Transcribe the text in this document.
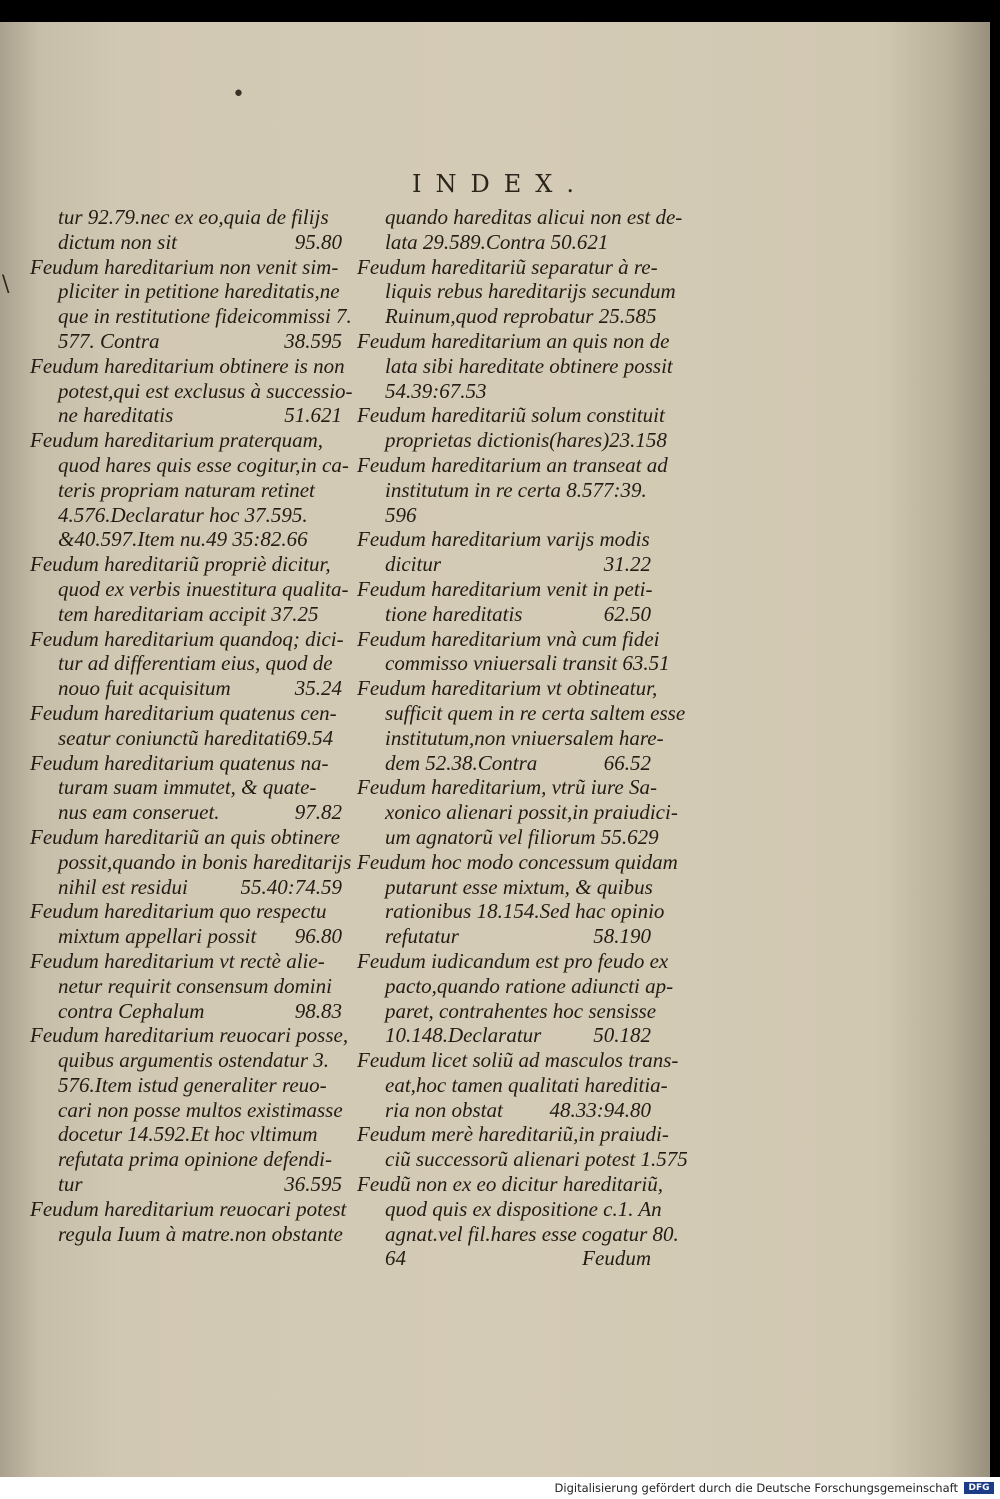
•
\
INDEX.
tur 92.79.nec ex eo,quia de filijs
dictum non sit	95.80
Feudum hareditarium non venit sim-
pliciter in petitione hareditatis,ne
que in restitutione fideicommissi 7.
577. Contra	38.595
Feudum hareditarium obtinere is non
potest,qui est exclusus à successio-
ne hareditatis	51.621
Feudum hareditarium praterquam,
quod hares quis esse cogitur,in ca-
teris propriam naturam retinet
4.576.Declaratur hoc 37.595.
&40.597.Item nu.49 35:82.66
Feudum hareditariũ propriè dicitur,
quod ex verbis inuestitura qualita-
tem hareditariam accipit 37.25
Feudum hareditarium quandoq; dici-
tur ad differentiam eius, quod de
nouo fuit acquisitum	35.24
Feudum hareditarium quatenus cen-
seatur coniunctũ hareditati69.54
Feudum hareditarium quatenus na-
turam suam immutet, & quate-
nus eam conseruet.	97.82
Feudum hareditariũ an quis obtinere
possit,quando in bonis hareditarijs
nihil est residui	55.40:74.59
Feudum hareditarium quo respectu
mixtum appellari possit 96.80
Feudum hareditarium vt rectè alie-
netur requirit consensum domini
contra Cephalum	98.83
Feudum hareditarium reuocari posse,
quibus argumentis ostendatur 3.
576.Item istud generaliter reuo-
cari non posse multos existimasse
docetur 14.592.Et hoc vltimum
refutata prima opinione defendi-
tur	36.595
Feudum hareditarium reuocari potest
regula Iuum à matre.non obstante
quando hareditas alicui non est de-
lata 29.589.Contra 50.621
Feudum hareditariũ separatur à re-
liquis rebus hareditarijs secundum
Ruinum,quod reprobatur 25.585
Feudum hareditarium an quis non de
lata sibi hareditate obtinere possit
54.39:67.53
Feudum hareditariũ solum constituit
proprietas dictionis(hares)23.158
Feudum hareditarium an transeat ad
institutum in re certa 8.577:39.
596
Feudum hareditarium varijs modis
dicitur	31.22
Feudum hareditarium venit in peti-
tione hareditatis	62.50
Feudum hareditarium vnà cum fidei
commisso vniuersali transit 63.51
Feudum hareditarium vt obtineatur,
sufficit quem in re certa saltem esse
institutum,non vniuersalem hare-
dem 52.38.Contra	66.52
Feudum hareditarium, vtrũ iure Sa-
xonico alienari possit,in praiudici-
um agnatorũ vel filiorum 55.629
Feudum hoc modo concessum quidam
putarunt esse mixtum, & quibus
rationibus 18.154.Sed hac opinio
refutatur	58.190
Feudum iudicandum est pro feudo ex
pacto,quando ratione adiuncti ap-
paret, contrahentes hoc sensisse
10.148.Declaratur 50.182
Feudum licet soliũ ad masculos trans-
eat,hoc tamen qualitati hareditia-
ria non obstat 48.33:94.80
Feudum merè hareditariũ,in praiudi-
ciũ successorũ alienari potest 1.575
Feudũ non ex eo dicitur hareditariũ,
quod quis ex dispositione c.1. An
agnat.vel fil.hares esse cogatur 80.
64	Feudum
Digitalisierung gefördert durch die Deutsche Forschungsgemeinschaft	DFG
